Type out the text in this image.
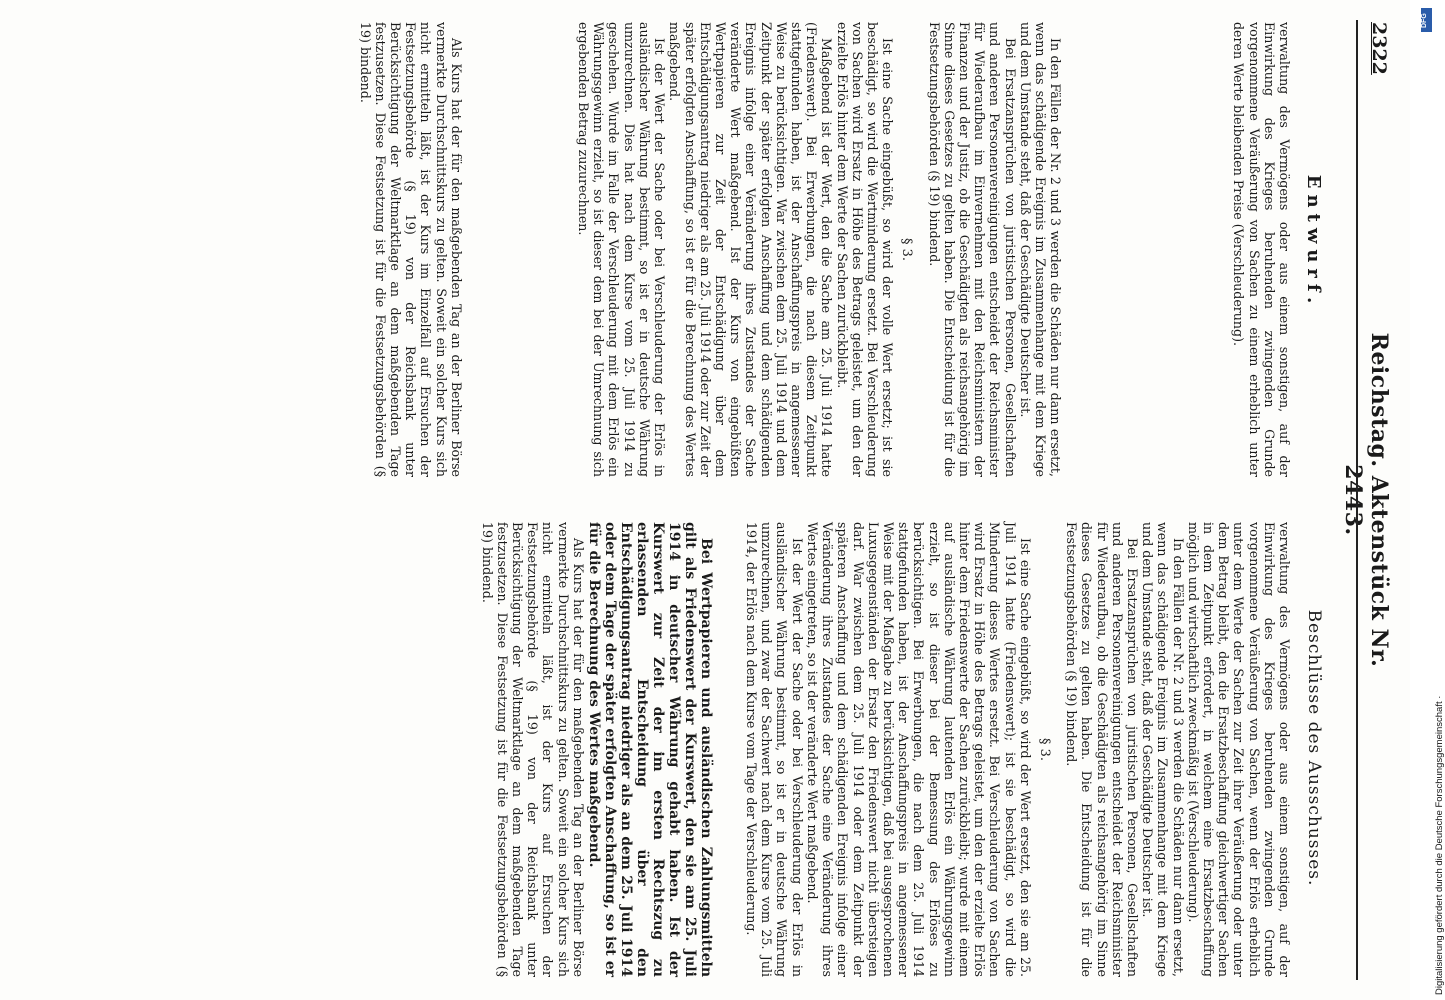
2322
Reichstag. Aktenstück Nr. 2443.
Entwurf.
Beschlüsse des Ausschusses.

verwaltung des Vermögens oder aus einem sonstigen, auf der Einwirkung des Krieges beruhenden zwingenden Grunde vorgenommene Veräußerung von Sachen zu einem erheblich unter deren Werte bleibenden Preise (Verschleuderung).

In den Fällen der Nr. 2 und 3 werden die Schäden nur dann ersetzt, wenn das schädigende Ereignis im Zusammenhange mit dem Kriege und dem Umstande steht, daß der Geschädigte Deutscher ist.

Bei Ersatzansprüchen von juristischen Personen, Gesellschaften und anderen Personenvereinigungen entscheidet der Reichsminister für Wiederaufbau im Einvernehmen mit den Reichsministern der Finanzen und der Justiz, ob die Geschädigten als reichsangehörig im Sinne dieses Gesetzes zu gelten haben. Die Entscheidung ist für die Festsetzungsbehörden (§ 19) bindend.

§ 3.

Ist eine Sache eingebüßt, so wird der volle Wert ersetzt; ist sie beschädigt, so wird die Wertminderung ersetzt. Bei Verschleuderung von Sachen wird Ersatz in Höhe des Betrags geleistet, um den der erzielte Erlös hinter dem Werte der Sachen zurückbleibt.

Maßgebend ist der Wert, den die Sache am 25. Juli 1914 hatte (Friedenswert). Bei Erwerbungen, die nach diesem Zeitpunkt stattgefunden haben, ist der Anschaffungspreis in angemessener Weise zu berücksichtigen. War zwischen dem 25. Juli 1914 und dem Zeitpunkt der später erfolgten Anschaffung und dem schädigenden Ereignis infolge einer Veränderung ihres Zustandes der Sache veränderte Wert maßgebend. Ist der Kurs von eingebüßten Wertpapieren zur Zeit der Entschädigung über dem Entschädigungsantrag niedriger als am 25. Juli 1914 oder zur Zeit der später erfolgten Anschaffung, so ist er für die Berechnung des Wertes maßgebend.

Ist der Wert der Sache oder bei Verschleuderung der Erlös in ausländischer Währung bestimmt, so ist er in deutsche Währung umzurechnen. Dies hat nach dem Kurse vom 25. Juli 1914 zu geschehen. Wurde im Falle der Verschleuderung mit dem Erlös ein Währungsgewinn erzielt, so ist dieser dem bei der Umrechnung sich ergebenden Betrag zuzurechnen.

Als Kurs hat der für den maßgebenden Tag an der Berliner Börse vermerkte Durchschnittskurs zu gelten. Soweit ein solcher Kurs sich nicht ermitteln läßt, ist der Kurs im Einzelfall auf Ersuchen der Festsetzungsbehörde (§ 19) von der Reichsbank unter Berücksichtigung der Weltmarktlage an dem maßgebenden Tage festzusetzen. Diese Festsetzung ist für die Festsetzungsbehörden (§ 19) bindend.

verwaltung des Vermögens oder aus einem sonstigen, auf der Einwirkung des Krieges beruhenden zwingenden Grunde vorgenommene Veräußerung von Sachen, wenn der Erlös erheblich unter dem Werte der Sachen zur Zeit ihrer Veräußerung oder unter dem Betrag bleibt, den die Ersatzbeschaffung gleichwertiger Sachen in dem Zeitpunkt erfordert, in welchem eine Ersatzbeschaffung möglich und wirtschaftlich zweckmäßig ist (Verschleuderung).

In den Fällen der Nr. 2 und 3 werden die Schäden nur dann ersetzt, wenn das schädigende Ereignis im Zusammenhange mit dem Kriege und dem Umstande steht, daß der Geschädigte Deutscher ist.

Bei Ersatzansprüchen von juristischen Personen, Gesellschaften und anderen Personenvereinigungen entscheidet der Reichsminister für Wiederaufbau, ob die Geschädigten als reichsangehörig im Sinne dieses Gesetzes zu gelten haben. Die Entscheidung ist für die Festsetzungsbehörden (§ 19) bindend.

§ 3.

Ist eine Sache eingebüßt, so wird der Wert ersetzt, den sie am 25. Juli 1914 hatte (Friedenswert); ist sie beschädigt, so wird die Minderung dieses Wertes ersetzt. Bei Verschleuderung von Sachen wird Ersatz in Höhe des Betrags geleistet, um den der erzielte Erlös hinter dem Friedenswerte der Sachen zurückbleibt; wurde mit einem auf ausländische Währung lautenden Erlös ein Währungsgewinn erzielt, so ist dieser bei der Bemessung des Erlöses zu berücksichtigen. Bei Erwerbungen, die nach dem 25. Juli 1914 stattgefunden haben, ist der Anschaffungspreis in angemessener Weise mit der Maßgabe zu berücksichtigen, daß bei ausgesprochenen Luxusgegenständen der Ersatz den Friedenswert nicht übersteigen darf. War zwischen dem 25. Juli 1914 oder dem Zeitpunkt der späteren Anschaffung und dem schädigenden Ereignis infolge einer Veränderung ihres Zustandes der Sache eine Veränderung ihres Wertes eingetreten, so ist der veränderte Wert maßgebend.

Ist der Wert der Sache oder bei Verschleuderung der Erlös in ausländischer Währung bestimmt, so ist er in deutsche Währung umzurechnen, und zwar der Sachwert nach dem Kurse vom 25. Juli 1914, der Erlös nach dem Kurse vom Tage der Verschleuderung.

Bei Wertpapieren und ausländischen Zahlungsmitteln gilt als Friedenswert der Kurswert, den sie am 25. Juli 1914 in deutscher Währung gehabt haben. Ist der Kurswert zur Zeit der im ersten Rechtszug zu erlassenden Entscheidung über den Entschädigungsantrag niedriger als an dem 25. Juli 1914 oder dem Tage der später erfolgten Anschaffung, so ist er für die Berechnung des Wertes maßgebend.

Als Kurs hat der für den maßgebenden Tag an der Berliner Börse vermerkte Durchschnittskurs zu gelten. Soweit ein solcher Kurs sich nicht ermitteln läßt, ist der Kurs auf Ersuchen der Festsetzungsbehörde (§ 19) von der Reichsbank unter Berücksichtigung der Weltmarktlage an dem maßgebenden Tage festzusetzen. Diese Festsetzung ist für die Festsetzungsbehörden (§ 19) bindend.

Digitalisierung gefördert durch die Deutsche Forschungsgemeinschaft ·
DFG
